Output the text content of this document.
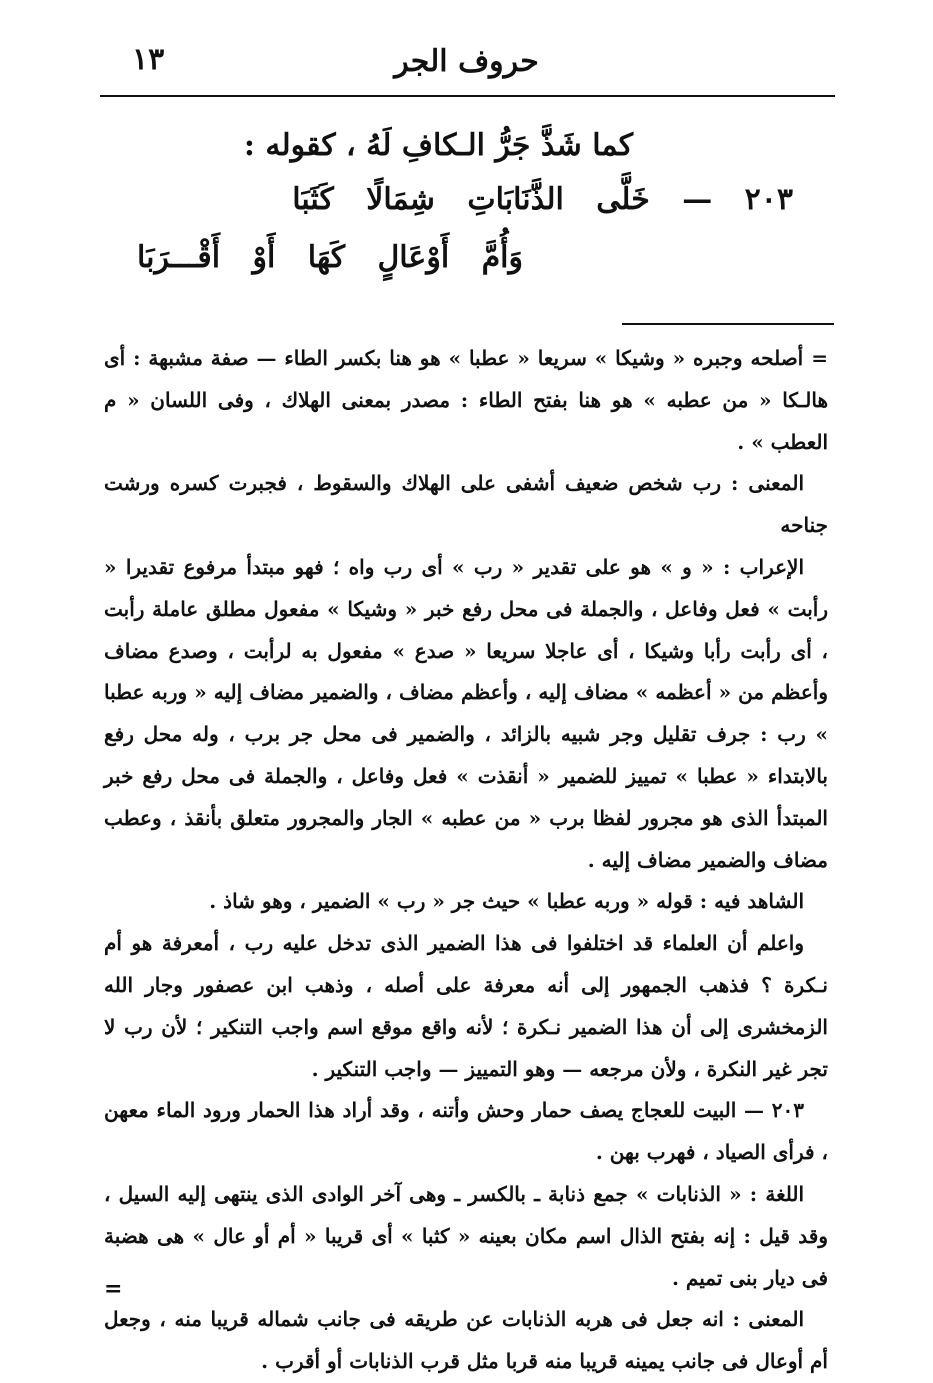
حروف الجر
١٣
كما شَذَّ جَرُّ الـكافِ لَهُ ، كقوله :
٢٠٣ — خَلَّى الذَّنَابَاتِ شِمَالًا كَثَبَا
وَأُمَّ أَوْعَالٍ كَهَا أَوْ أَقْـــرَبَا

=أصلحه وجبره « وشيكا » سريعا « عطبا » هو هنا بكسر الطاء — صفة مشبهة : أى هالـكا « من عطبه » هو هنا بفتح الطاء : مصدر بمعنى الهلاك ، وفى اللسان « م العطب » .

المعنى : رب شخص ضعيف أشفى على الهلاك والسقوط ، فجبرت كسره ورشت جناحه

الإعراب : « و » هو على تقدير « رب » أى رب واه ؛ فهو مبتدأ مرفوع تقديرا « رأبت » فعل وفاعل ، والجملة فى محل رفع خبر « وشيكا » مفعول مطلق عاملة رأبت ، أى رأبت رأبا وشيكا ، أى عاجلا سريعا « صدع » مفعول به لرأبت ، وصدع مضاف وأعظم من « أعظمه » مضاف إليه ، وأعظم مضاف ، والضمير مضاف إليه « وربه عطبا » رب : جرف تقليل وجر شبيه بالزائد ، والضمير فى محل جر برب ، وله محل رفع بالابتداء « عطبا » تمييز للضمير « أنقذت » فعل وفاعل ، والجملة فى محل رفع خبر المبتدأ الذى هو مجرور لفظا برب « من عطبه » الجار والمجرور متعلق بأنقذ ، وعطب مضاف والضمير مضاف إليه .

الشاهد فيه : قوله « وربه عطبا » حيث جر « رب » الضمير ، وهو شاذ .

واعلم أن العلماء قد اختلفوا فى هذا الضمير الذى تدخل عليه رب ، أمعرفة هو أم نـكرة ؟ فذهب الجمهور إلى أنه معرفة على أصله ، وذهب ابن عصفور وجار الله الزمخشرى إلى أن هذا الضمير نـكرة ؛ لأنه واقع موقع اسم واجب التنكير ؛ لأن رب لا تجر غير النكرة ، ولأن مرجعه — وهو التمييز — واجب التنكير .

٢٠٣ — البيت للعجاج يصف حمار وحش وأتنه ، وقد أراد هذا الحمار ورود الماء معهن ، فرأى الصياد ، فهرب بهن .

اللغة : « الذنابات » جمع ذنابة ـ بالكسر ـ وهى آخر الوادى الذى ينتهى إليه السيل ، وقد قيل : إنه بفتح الذال اسم مكان بعينه « كثبا » أى قريبا « أم أو عال » هى هضبة فى ديار بنى تميم .

المعنى : انه جعل فى هربه الذنابات عن طريقه فى جانب شماله قريبا منه ، وجعل أم أوعال فى جانب يمينه قريبا منه قربا مثل قرب الذنابات أو أقرب .

=
